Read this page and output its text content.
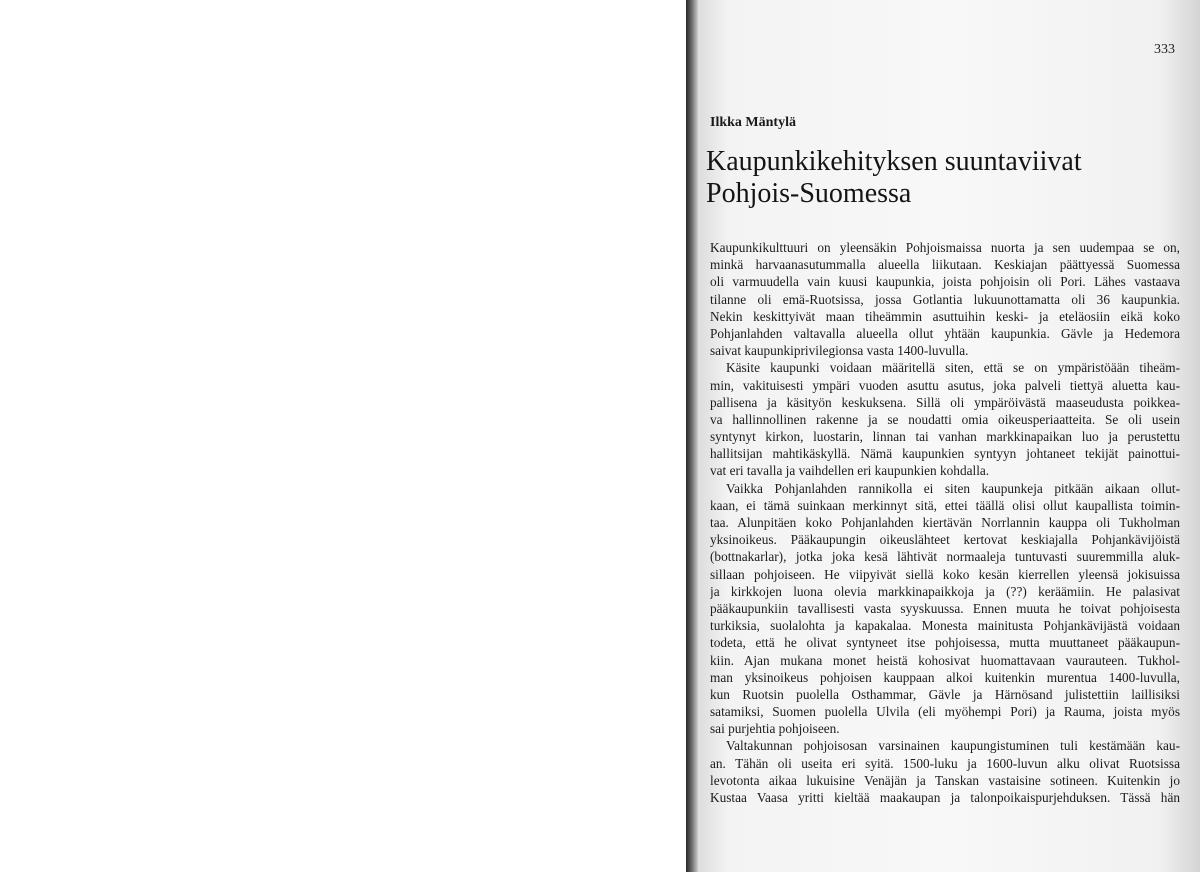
333
Ilkka Mäntylä
Kaupunkikehityksen suuntaviivat
Pohjois-Suomessa
Kaupunkikulttuuri on yleensäkin Pohjoismaissa nuorta ja sen uudempaa se on,
minkä harvaanasutummalla alueella liikutaan. Keskiajan päättyessä Suomessa
oli varmuudella vain kuusi kaupunkia, joista pohjoisin oli Pori. Lähes vastaava
tilanne oli emä-Ruotsissa, jossa Gotlantia lukuunottamatta oli 36 kaupunkia.
Nekin keskittyivät maan tiheämmin asuttuihin keski- ja eteläosiin eikä koko
Pohjanlahden valtavalla alueella ollut yhtään kaupunkia. Gävle ja Hedemora
saivat kaupunkiprivilegionsa vasta 1400-luvulla.
Käsite kaupunki voidaan määritellä siten, että se on ympäristöään tiheäm-
min, vakituisesti ympäri vuoden asuttu asutus, joka palveli tiettyä aluetta kau-
pallisena ja käsityön keskuksena. Sillä oli ympäröivästä maaseudusta poikkea-
va hallinnollinen rakenne ja se noudatti omia oikeusperiaatteita. Se oli usein
syntynyt kirkon, luostarin, linnan tai vanhan markkinapaikan luo ja perustettu
hallitsijan mahtikäskyllä. Nämä kaupunkien syntyyn johtaneet tekijät painottui-
vat eri tavalla ja vaihdellen eri kaupunkien kohdalla.
Vaikka Pohjanlahden rannikolla ei siten kaupunkeja pitkään aikaan ollut-
kaan, ei tämä suinkaan merkinnyt sitä, ettei täällä olisi ollut kaupallista toimin-
taa. Alunpitäen koko Pohjanlahden kiertävän Norrlannin kauppa oli Tukholman
yksinoikeus. Pääkaupungin oikeuslähteet kertovat keskiajalla Pohjankävijöistä
(bottnakarlar), jotka joka kesä lähtivät normaaleja tuntuvasti suuremmilla aluk-
sillaan pohjoiseen. He viipyivät siellä koko kesän kierrellen yleensä jokisuissa
ja kirkkojen luona olevia markkinapaikkoja ja (??) keräämiin. He palasivat
pääkaupunkiin tavallisesti vasta syyskuussa. Ennen muuta he toivat pohjoisesta
turkiksia, suolalohta ja kapakalaa. Monesta mainitusta Pohjankävijästä voidaan
todeta, että he olivat syntyneet itse pohjoisessa, mutta muuttaneet pääkaupun-
kiin. Ajan mukana monet heistä kohosivat huomattavaan vaurauteen. Tukhol-
man yksinoikeus pohjoisen kauppaan alkoi kuitenkin murentua 1400-luvulla,
kun Ruotsin puolella Osthammar, Gävle ja Härnösand julistettiin laillisiksi
satamiksi, Suomen puolella Ulvila (eli myöhempi Pori) ja Rauma, joista myös
sai purjehtia pohjoiseen.
Valtakunnan pohjoisosan varsinainen kaupungistuminen tuli kestämään kau-
an. Tähän oli useita eri syitä. 1500-luku ja 1600-luvun alku olivat Ruotsissa
levotonta aikaa lukuisine Venäjän ja Tanskan vastaisine sotineen. Kuitenkin jo
Kustaa Vaasa yritti kieltää maakaupan ja talonpoikaispurjehduksen. Tässä hän
